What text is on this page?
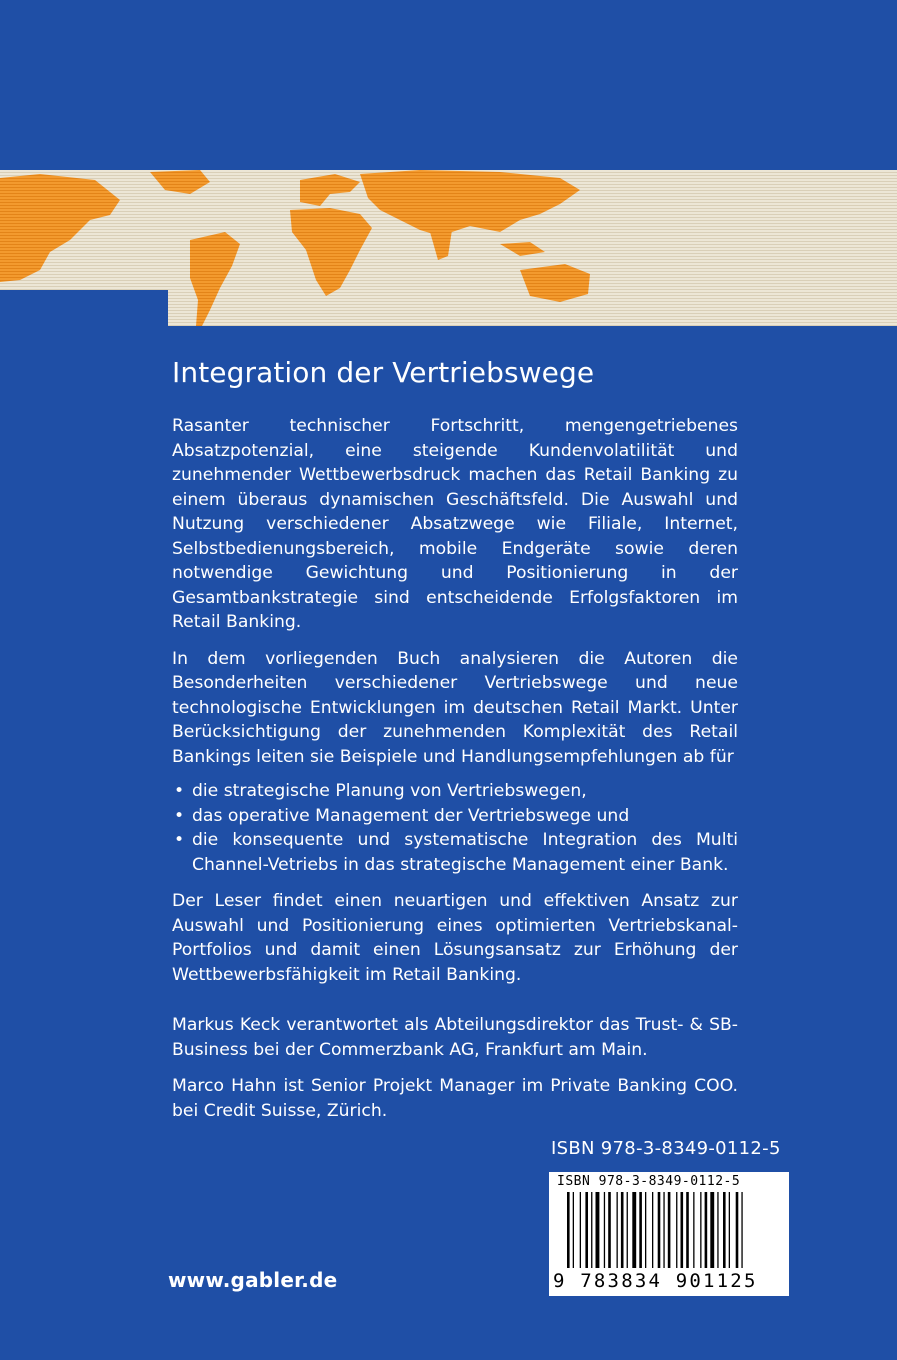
Integration der Vertriebswege

Rasanter technischer Fortschritt, mengengetriebenes Absatzpotenzial, eine steigende Kundenvolatilität und zunehmender Wettbewerbsdruck machen das Retail Banking zu einem überaus dynamischen Geschäftsfeld. Die Auswahl und Nutzung verschiedener Absatzwege wie Filiale, Internet, Selbstbedienungsbereich, mobile Endgeräte sowie deren notwendige Gewichtung und Positionierung in der Gesamtbankstrategie sind entscheidende Erfolgsfaktoren im Retail Banking.

In dem vorliegenden Buch analysieren die Autoren die Besonderheiten verschiedener Vertriebswege und neue technologische Entwicklungen im deutschen Retail Markt. Unter Berücksichtigung der zunehmenden Komplexität des Retail Bankings leiten sie Beispiele und Handlungsempfehlungen ab für

• die strategische Planung von Vertriebswegen,
• das operative Management der Vertriebswege und
• die konsequente und systematische Integration des Multi Channel-Vetriebs in das strategische Management einer Bank.

Der Leser findet einen neuartigen und effektiven Ansatz zur Auswahl und Positionierung eines optimierten Vertriebskanal-Portfolios und damit einen Lösungsansatz zur Erhöhung der Wettbewerbsfähigkeit im Retail Banking.

Markus Keck verantwortet als Abteilungsdirektor das Trust- & SB-Business bei der Commerzbank AG, Frankfurt am Main.

Marco Hahn ist Senior Projekt Manager im Private Banking COO. bei Credit Suisse, Zürich.

ISBN 978-3-8349-0112-5
ISBN 978-3-8349-0112-5
9 783834 901125
www.gabler.de
